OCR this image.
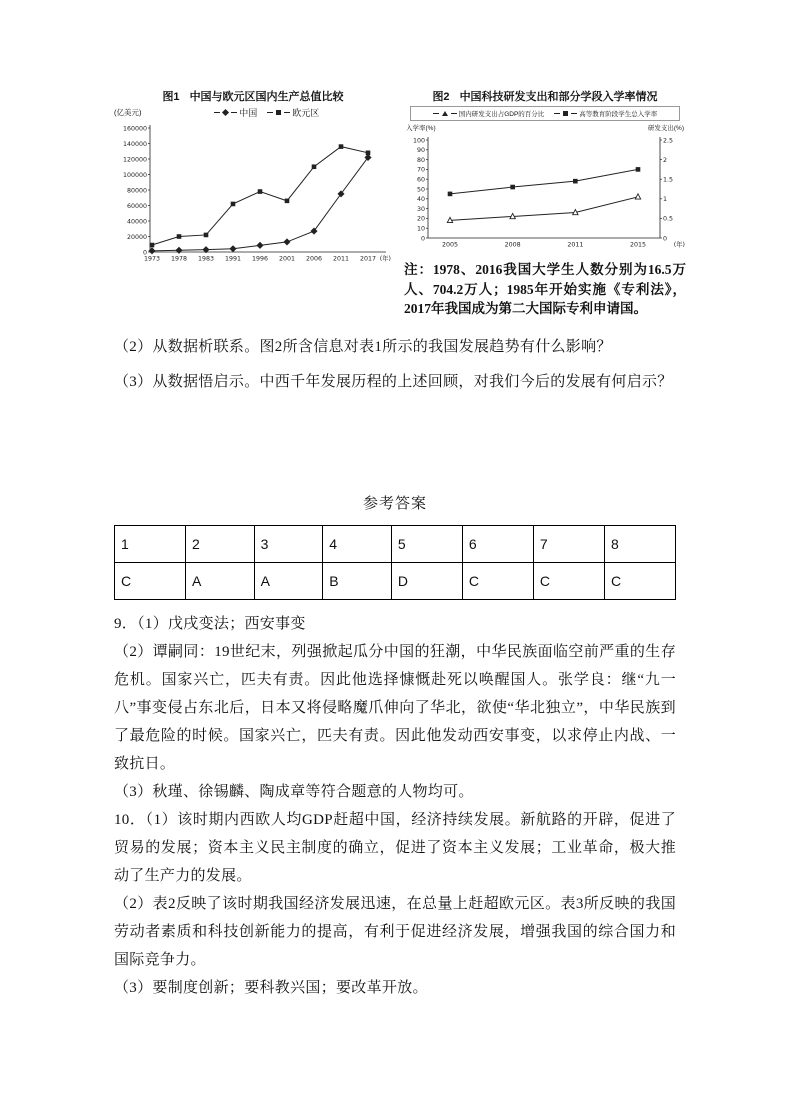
图1 中国与欧元区国内生产总值比较
(亿美元)	中国	欧元区
0
20000
40000
60000
80000
100000
120000
140000
160000
1973 1978 1983 1991 1996 2001 2006 2011 2017 (年)
图2 中国科技研发支出和部分学段入学率情况
国内研发支出占GDP的百分比	高等教育阶段学生总入学率
入学率(%)	研发支出(%)
0
10
20
30
40
50
60
70
80
90
100
0
0.5
1
1.5
2
2.5
2005	2008	2011	2015	(年)
注：1978、2016我国大学生人数分别为16.5万人、704.2万人；1985年开始实施《专利法》，2017年我国成为第二大国际专利申请国。

（2）从数据析联系。图2所含信息对表1所示的我国发展趋势有什么影响？

（3）从数据悟启示。中西千年发展历程的上述回顾，对我们今后的发展有何启示？

参考答案
1	2	3	4	5	6	7	8
C	A	A	B	D	C	C	C

9．（1）戊戌变法；西安事变

（2）谭嗣同：19世纪末，列强掀起瓜分中国的狂潮，中华民族面临空前严重的生存危机。国家兴亡，匹夫有责。因此他选择慷慨赴死以唤醒国人。张学良：继“九一八”事变侵占东北后，日本又将侵略魔爪伸向了华北，欲使“华北独立”，中华民族到了最危险的时候。国家兴亡，匹夫有责。因此他发动西安事变，以求停止内战、一致抗日。

（3）秋瑾、徐锡麟、陶成章等符合题意的人物均可。

10．（1）该时期内西欧人均GDP赶超中国，经济持续发展。新航路的开辟，促进了贸易的发展；资本主义民主制度的确立，促进了资本主义发展；工业革命，极大推动了生产力的发展。

（2）表2反映了该时期我国经济发展迅速，在总量上赶超欧元区。表3所反映的我国劳动者素质和科技创新能力的提高，有利于促进经济发展，增强我国的综合国力和国际竞争力。

（3）要制度创新；要科教兴国；要改革开放。
